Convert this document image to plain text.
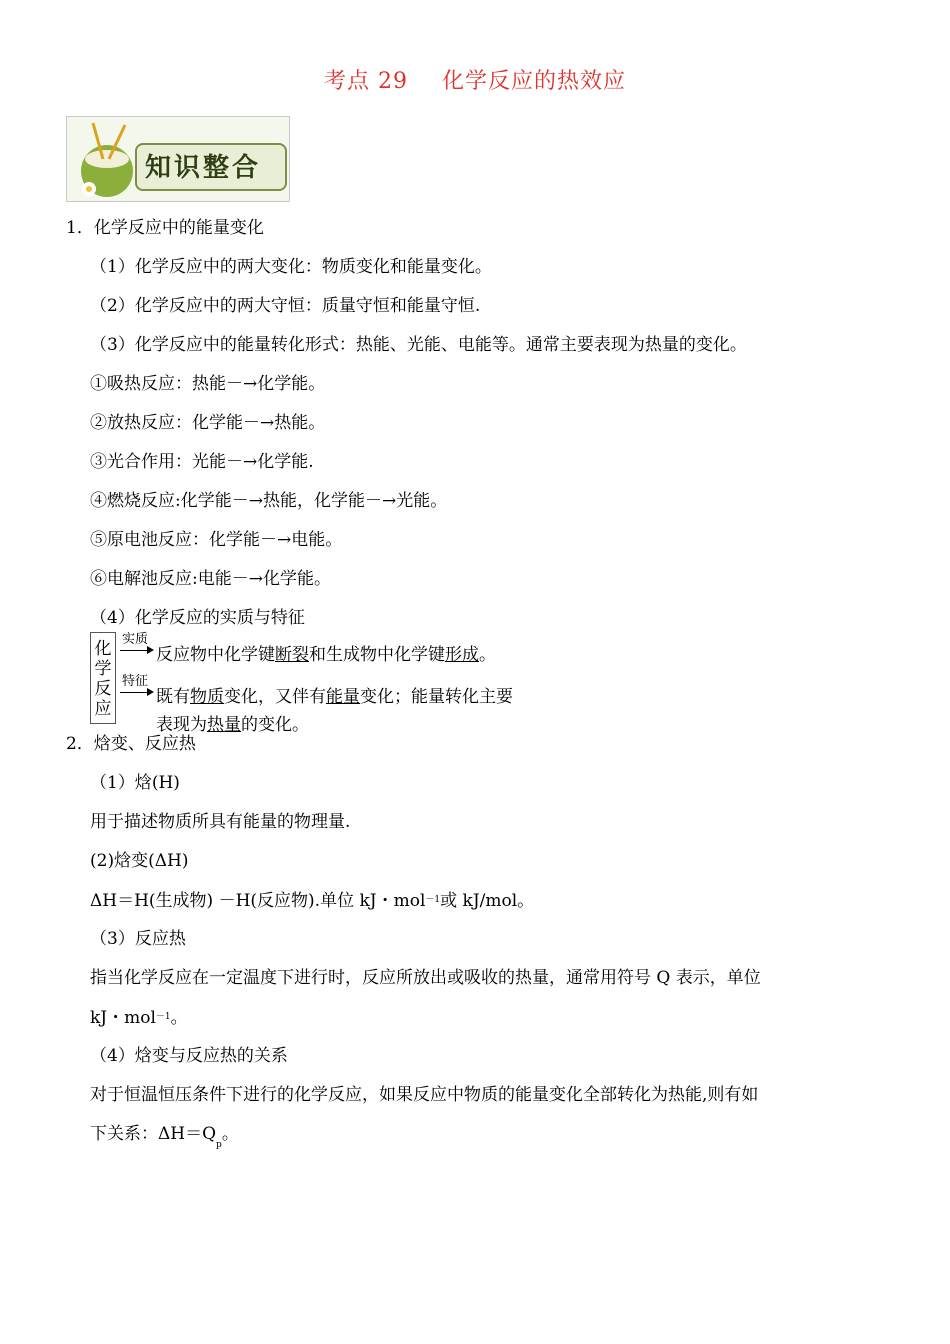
考点 29 化学反应的热效应
知识整合
1．化学反应中的能量变化
（1）化学反应中的两大变化：物质变化和能量变化。
（2）化学反应中的两大守恒：质量守恒和能量守恒.
（3）化学反应中的能量转化形式：热能、光能、电能等。通常主要表现为热量的变化。
①吸热反应：热能－→化学能。
②放热反应：化学能－→热能。
③光合作用：光能－→化学能.
④燃烧反应:化学能－→热能，化学能－→光能。
⑤原电池反应：化学能－→电能。
⑥电解池反应:电能－→化学能。
（4）化学反应的实质与特征
化学反应
实质
反应物中化学键断裂和生成物中化学键形成。
特征
既有物质变化，又伴有能量变化；能量转化主要
表现为热量的变化。
2．焓变、反应热
（1）焓(H)
用于描述物质所具有能量的物理量.
(2)焓变(ΔH)
ΔH＝H(生成物) －H(反应物).单位 kJ・mol$^{-1}$或 kJ/mol。
（3）反应热
指当化学反应在一定温度下进行时，反应所放出或吸收的热量，通常用符号 Q 表示，单位
kJ・mol$^{-1}$。
（4）焓变与反应热的关系
对于恒温恒压条件下进行的化学反应，如果反应中物质的能量变化全部转化为热能,则有如
下关系：$\Delta H=Q_p$。
